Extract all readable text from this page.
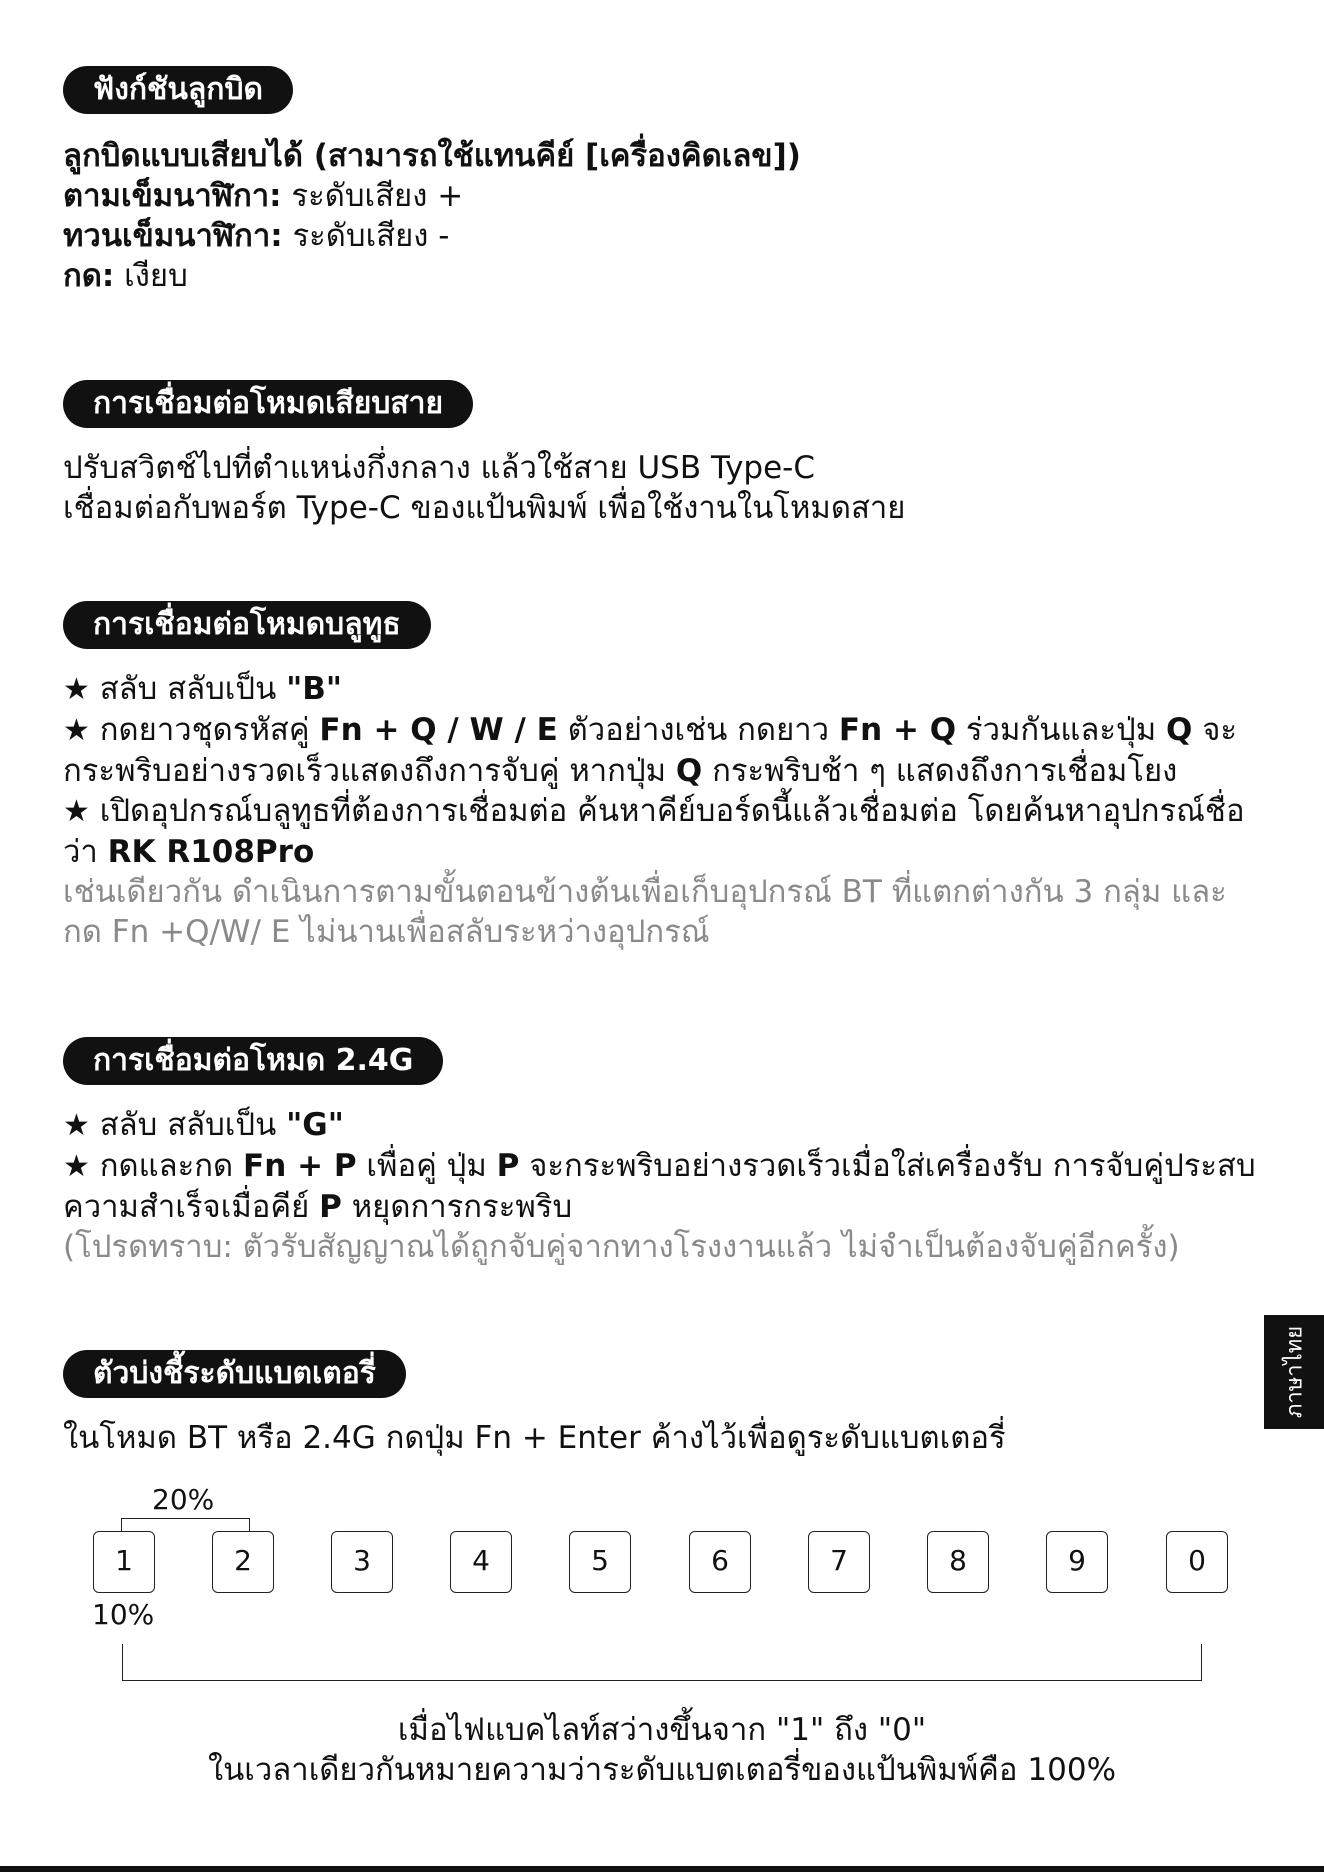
ฟังก์ชันลูกบิด
ลูกบิดแบบเสียบได้ (สามารถใช้แทนคีย์ [เครื่องคิดเลข])
ตามเข็มนาฬิกา: ระดับเสียง +
ทวนเข็มนาฬิกา: ระดับเสียง -
กด: เงียบ
การเชื่อมต่อโหมดเสียบสาย
ปรับสวิตช์ไปที่ตำแหน่งกึ่งกลาง แล้วใช้สาย USB Type-C
เชื่อมต่อกับพอร์ต Type-C ของแป้นพิมพ์ เพื่อใช้งานในโหมดสาย
การเชื่อมต่อโหมดบลูทูธ
★ สลับ สลับเป็น "B"
★ กดยาวชุดรหัสคู่ Fn + Q / W / E ตัวอย่างเช่น กดยาว Fn + Q ร่วมกันและปุ่ม Q จะกระพริบอย่างรวดเร็วแสดงถึงการจับคู่ หากปุ่ม Q กระพริบช้า ๆ แสดงถึงการเชื่อมโยง
★ เปิดอุปกรณ์บลูทูธที่ต้องการเชื่อมต่อ ค้นหาคีย์บอร์ดนี้แล้วเชื่อมต่อ โดยค้นหาอุปกรณ์ชื่อว่า RK R108Pro
เช่นเดียวกัน ดำเนินการตามขั้นตอนข้างต้นเพื่อเก็บอุปกรณ์ BT ที่แตกต่างกัน 3 กลุ่ม และกด Fn +Q/W/ E ไม่นานเพื่อสลับระหว่างอุปกรณ์
การเชื่อมต่อโหมด 2.4G
★ สลับ สลับเป็น "G"
★ กดและกด Fn + P เพื่อคู่ ปุ่ม P จะกระพริบอย่างรวดเร็วเมื่อใส่เครื่องรับ การจับคู่ประสบความสำเร็จเมื่อคีย์ P หยุดการกระพริบ
(โปรดทราบ: ตัวรับสัญญาณได้ถูกจับคู่จากทางโรงงานแล้ว ไม่จำเป็นต้องจับคู่อีกครั้ง)
ตัวบ่งชี้ระดับแบตเตอรี่
ในโหมด BT หรือ 2.4G กดปุ่ม Fn + Enter ค้างไว้เพื่อดูระดับแบตเตอรี่
20%
1	2	3	4	5	6	7	8	9	0
10%
เมื่อไฟแบคไลท์สว่างขึ้นจาก "1" ถึง "0"
ในเวลาเดียวกันหมายความว่าระดับแบตเตอรี่ของแป้นพิมพ์คือ 100%
ภาษาไทย
